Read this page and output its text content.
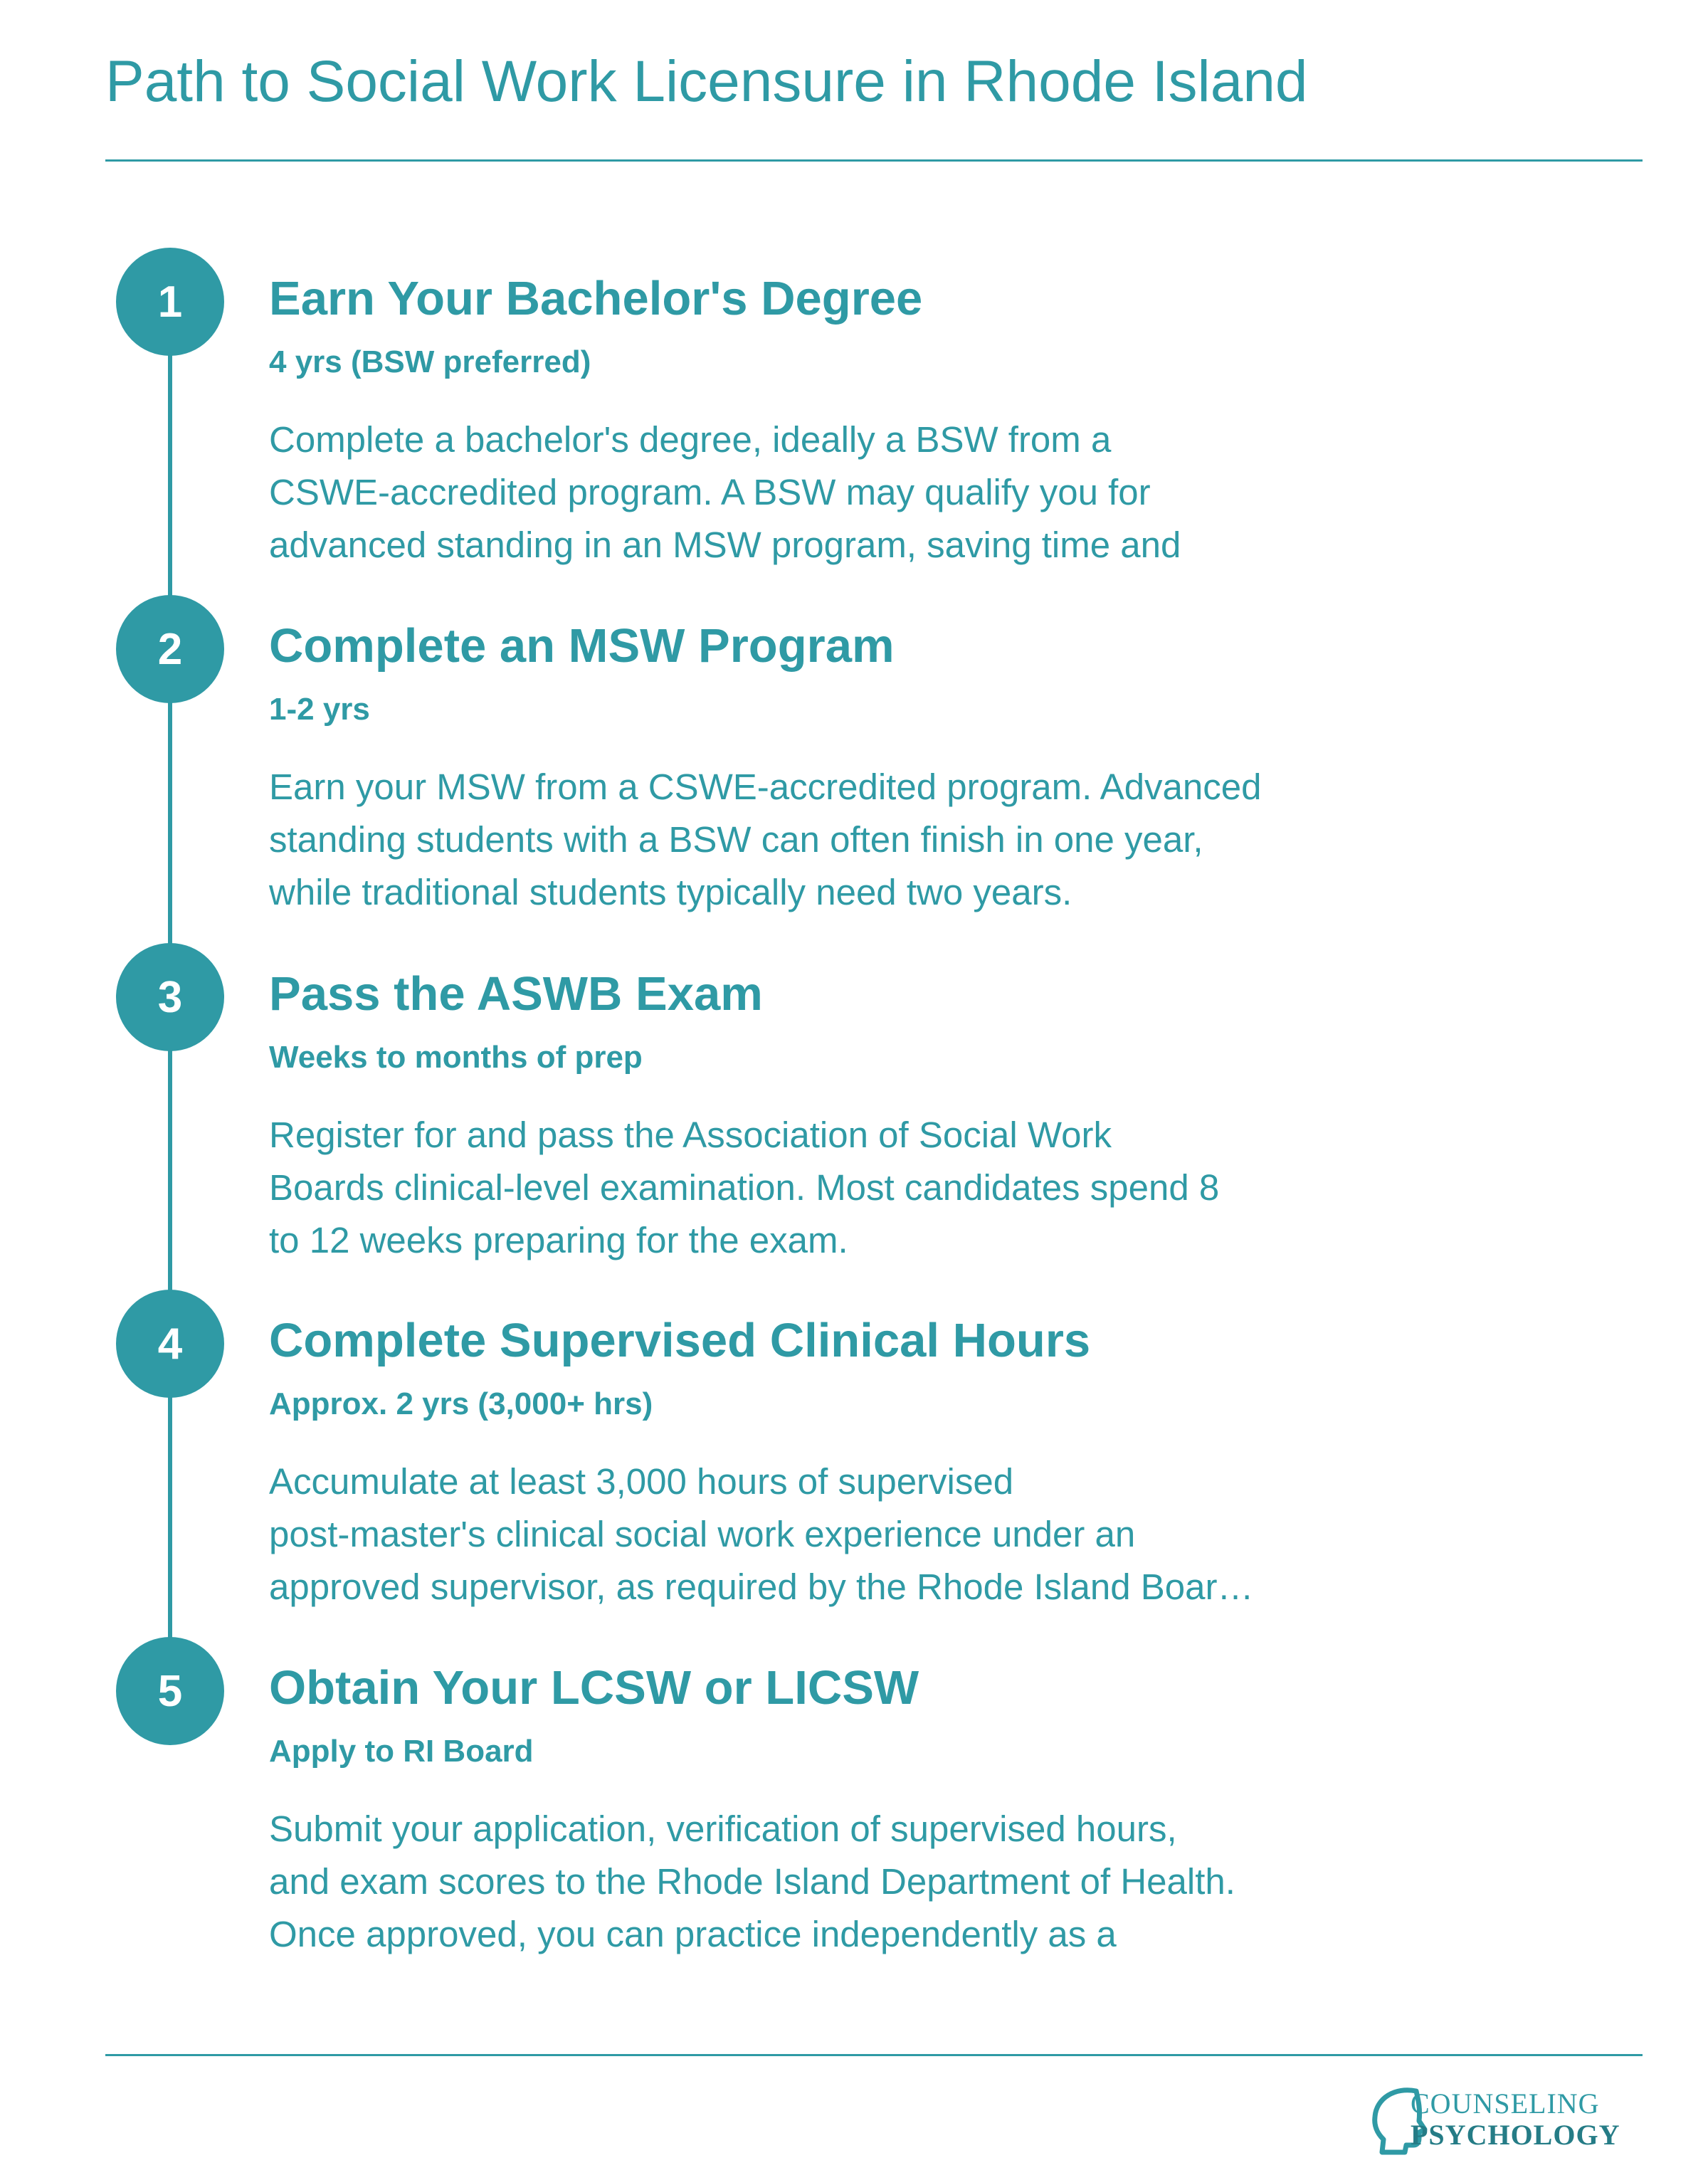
Path to Social Work Licensure in Rhode Island
1	Earn Your Bachelor's Degree
4 yrs (BSW preferred)
Complete a bachelor's degree, ideally a BSW from a
CSWE-accredited program. A BSW may qualify you for
advanced standing in an MSW program, saving time and
2	Complete an MSW Program
1-2 yrs
Earn your MSW from a CSWE-accredited program. Advanced
standing students with a BSW can often finish in one year,
while traditional students typically need two years.
3	Pass the ASWB Exam
Weeks to months of prep
Register for and pass the Association of Social Work
Boards clinical-level examination. Most candidates spend 8
to 12 weeks preparing for the exam.
4	Complete Supervised Clinical Hours
Approx. 2 yrs (3,000+ hrs)
Accumulate at least 3,000 hours of supervised
post-master's clinical social work experience under an
approved supervisor, as required by the Rhode Island Boar…
5	Obtain Your LCSW or LICSW
Apply to RI Board
Submit your application, verification of supervised hours,
and exam scores to the Rhode Island Department of Health.
Once approved, you can practice independently as a
COUNSELING
PSYCHOLOGY
